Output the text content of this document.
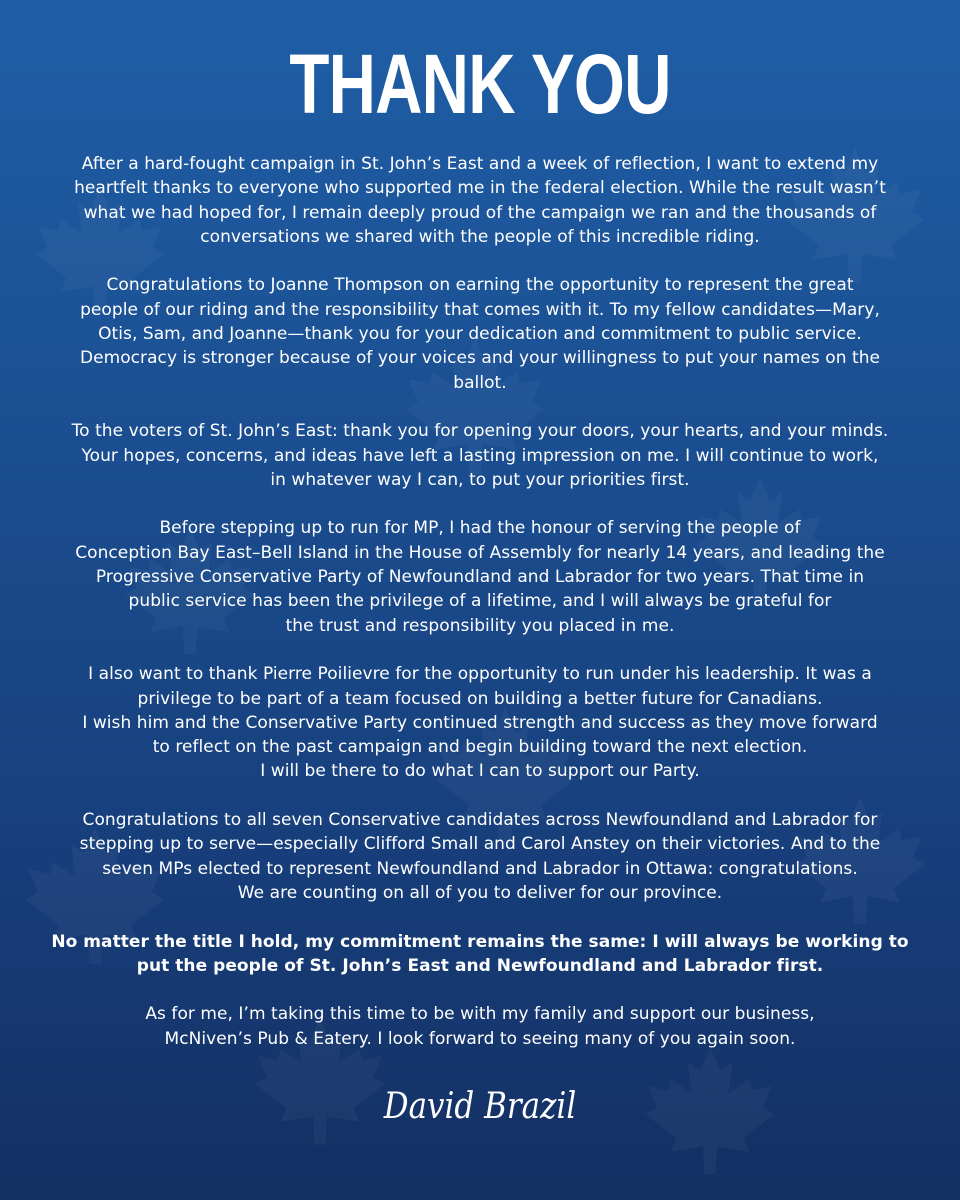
THANK YOU

After a hard-fought campaign in St. John’s East and a week of reflection, I want to extend my
heartfelt thanks to everyone who supported me in the federal election. While the result wasn’t
what we had hoped for, I remain deeply proud of the campaign we ran and the thousands of
conversations we shared with the people of this incredible riding.

Congratulations to Joanne Thompson on earning the opportunity to represent the great
people of our riding and the responsibility that comes with it. To my fellow candidates—Mary,
Otis, Sam, and Joanne—thank you for your dedication and commitment to public service.
Democracy is stronger because of your voices and your willingness to put your names on the
ballot.

To the voters of St. John’s East: thank you for opening your doors, your hearts, and your minds.
Your hopes, concerns, and ideas have left a lasting impression on me. I will continue to work,
in whatever way I can, to put your priorities first.

Before stepping up to run for MP, I had the honour of serving the people of
Conception Bay East–Bell Island in the House of Assembly for nearly 14 years, and leading the
Progressive Conservative Party of Newfoundland and Labrador for two years. That time in
public service has been the privilege of a lifetime, and I will always be grateful for
the trust and responsibility you placed in me.

I also want to thank Pierre Poilievre for the opportunity to run under his leadership. It was a
privilege to be part of a team focused on building a better future for Canadians.
I wish him and the Conservative Party continued strength and success as they move forward
to reflect on the past campaign and begin building toward the next election.
I will be there to do what I can to support our Party.

Congratulations to all seven Conservative candidates across Newfoundland and Labrador for
stepping up to serve—especially Clifford Small and Carol Anstey on their victories. And to the
seven MPs elected to represent Newfoundland and Labrador in Ottawa: congratulations.
We are counting on all of you to deliver for our province.

No matter the title I hold, my commitment remains the same: I will always be working to
put the people of St. John’s East and Newfoundland and Labrador first.

As for me, I’m taking this time to be with my family and support our business,
McNiven’s Pub & Eatery. I look forward to seeing many of you again soon.

David Brazil
